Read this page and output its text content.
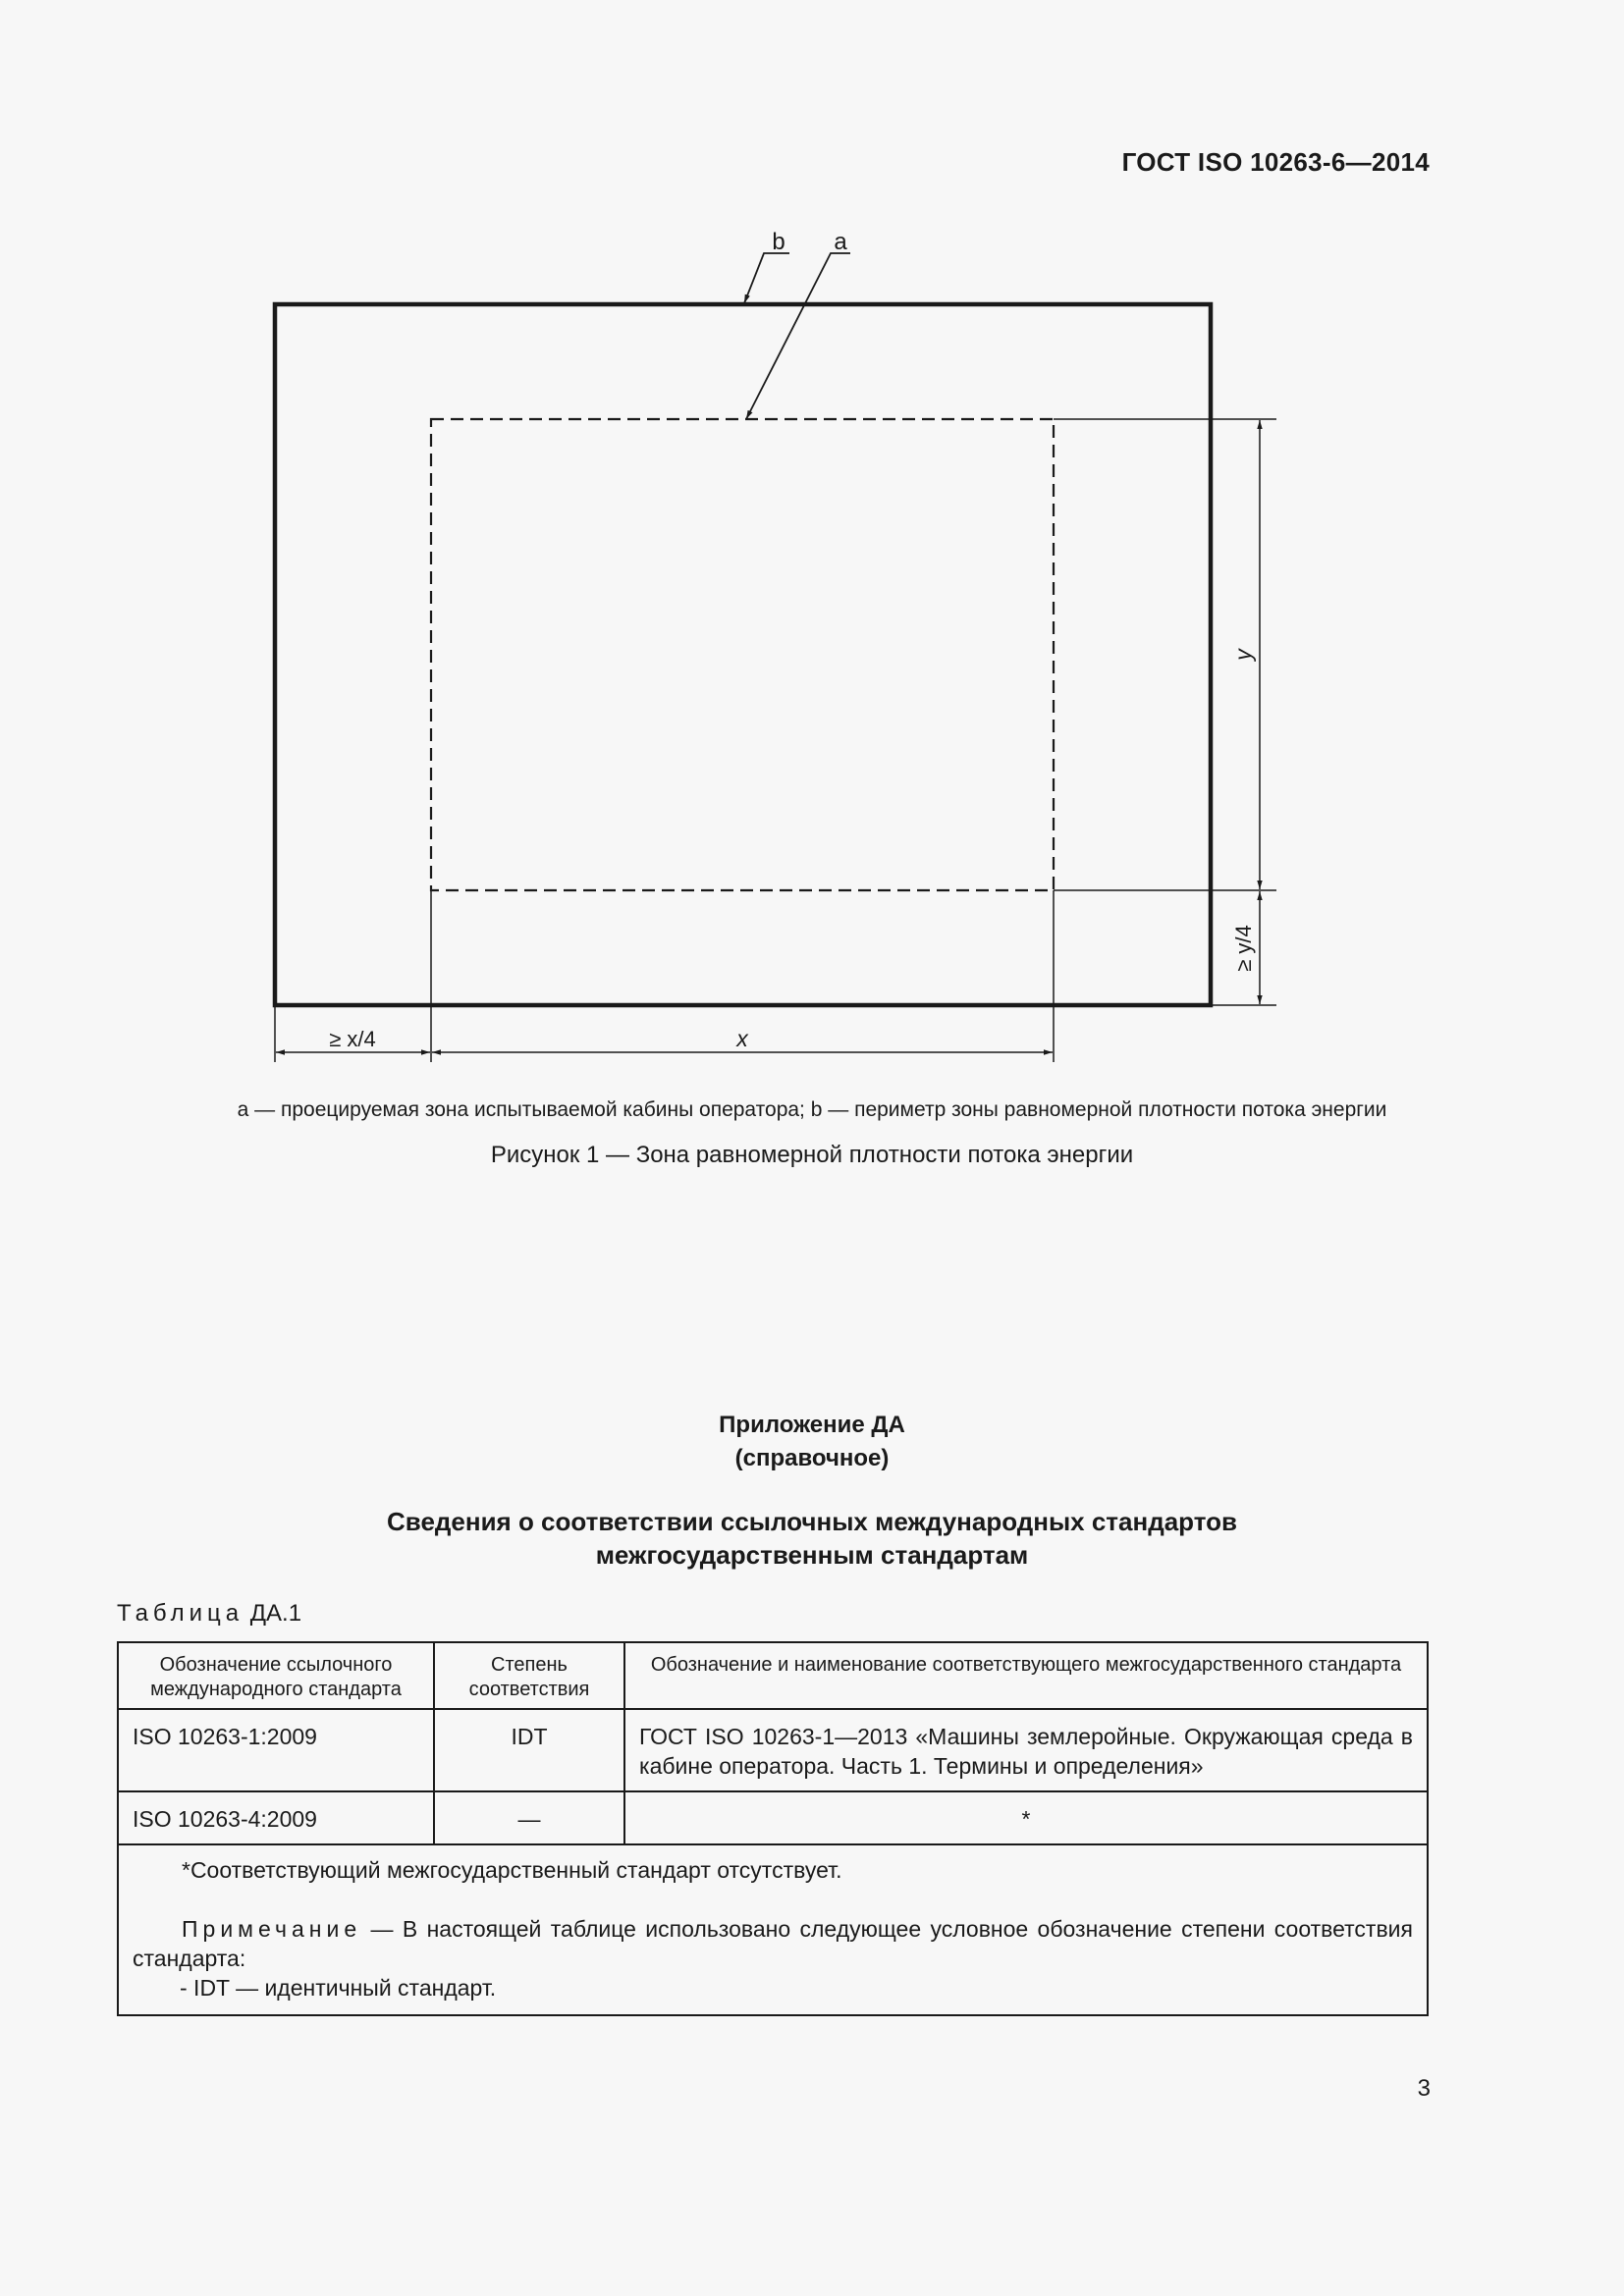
ГОСТ ISO 10263-6—2014
b a
y
≥ y/4
≥ x/4	x
а — проецируемая зона испытываемой кабины оператора; b — периметр зоны равномерной плотности потока энергии
Рисунок 1 — Зона равномерной плотности потока энергии
Приложение ДА
(справочное)
Сведения о соответствии ссылочных международных стандартов межгосударственным стандартам
Таблица ДА.1
Обозначение ссылочного международного стандарта	Степень соответствия	Обозначение и наименование соответствующего межгосударственного стандарта
ISO 10263-1:2009	IDT	ГОСТ ISO 10263-1—2013 «Машины землеройные. Окружающая среда в кабине оператора. Часть 1. Термины и определения»
ISO 10263-4:2009	—	*

*Соответствующий межгосударственный стандарт отсутствует.

Примечание — В настоящей таблице использовано следующее условное обозначение степени соответствия стандарта:

- IDT — идентичный стандарт.		

3
